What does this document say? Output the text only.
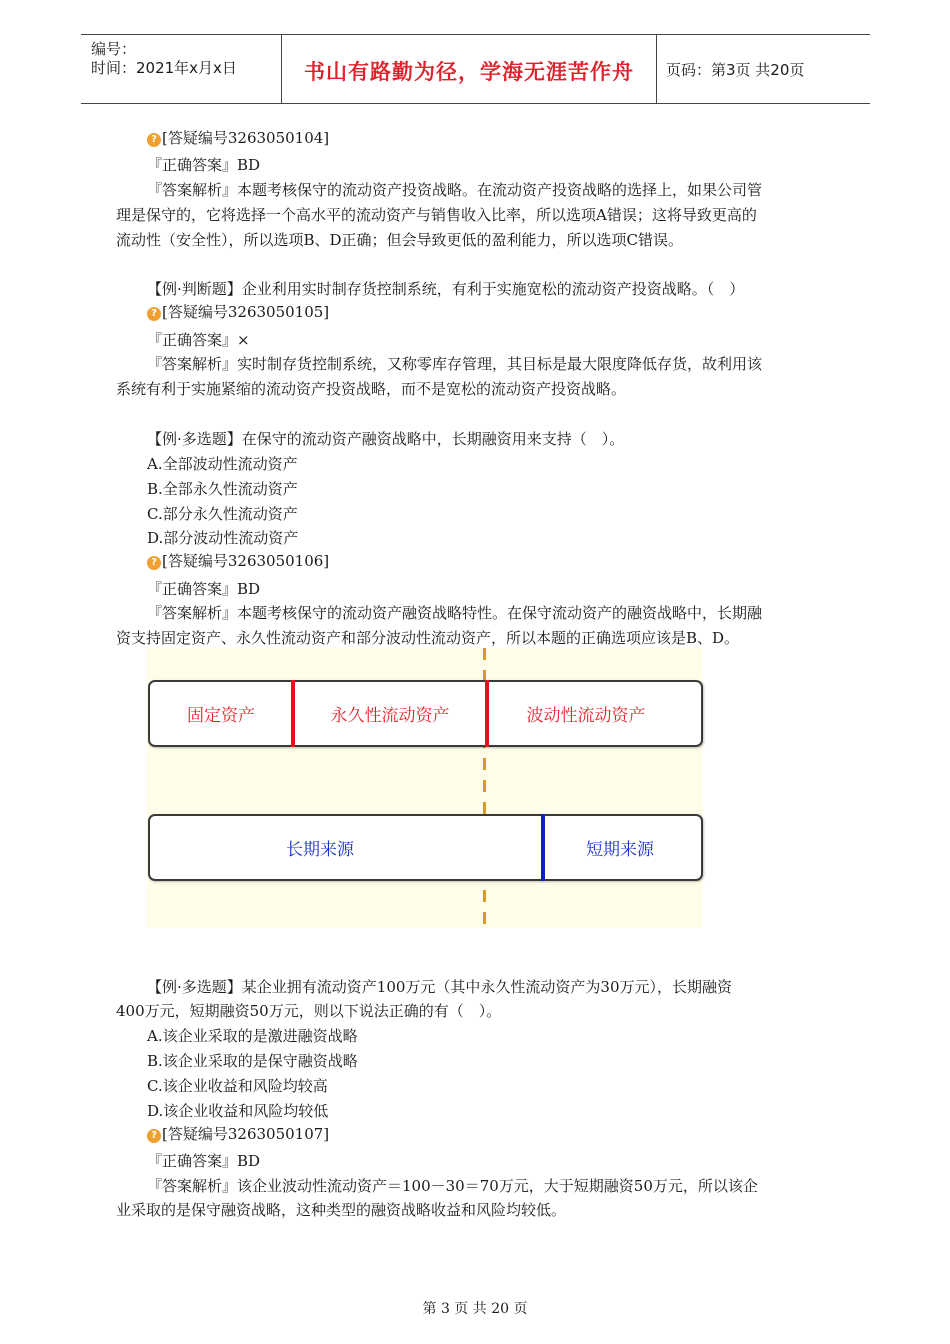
编号：
时间：2021年x月x日	书山有路勤为径，学海无涯苦作舟	页码：第3页 共20页
? [答疑编号3263050104]
『正确答案』BD
『答案解析』本题考核保守的流动资产投资战略。在流动资产投资战略的选择上，如果公司管
理是保守的，它将选择一个高水平的流动资产与销售收入比率，所以选项A错误；这将导致更高的
流动性（安全性），所以选项B、D正确；但会导致更低的盈利能力，所以选项C错误。
【例·判断题】企业利用实时制存货控制系统，有利于实施宽松的流动资产投资战略。（　）
? [答疑编号3263050105]
『正确答案』×
『答案解析』实时制存货控制系统，又称零库存管理，其目标是最大限度降低存货，故利用该
系统有利于实施紧缩的流动资产投资战略，而不是宽松的流动资产投资战略。
【例·多选题】在保守的流动资产融资战略中，长期融资用来支持（　）。
A.全部波动性流动资产
B.全部永久性流动资产
C.部分永久性流动资产
D.部分波动性流动资产
? [答疑编号3263050106]
『正确答案』BD
『答案解析』本题考核保守的流动资产融资战略特性。在保守流动资产的融资战略中，长期融
资支持固定资产、永久性流动资产和部分波动性流动资产，所以本题的正确选项应该是B、D。
固定资产	永久性流动资产	波动性流动资产
长期来源	短期来源
【例·多选题】某企业拥有流动资产100万元（其中永久性流动资产为30万元），长期融资
400万元，短期融资50万元，则以下说法正确的有（　）。
A.该企业采取的是激进融资战略
B.该企业采取的是保守融资战略
C.该企业收益和风险均较高
D.该企业收益和风险均较低
? [答疑编号3263050107]
『正确答案』BD
『答案解析』该企业波动性流动资产＝100－30＝70万元，大于短期融资50万元，所以该企
业采取的是保守融资战略，这种类型的融资战略收益和风险均较低。
第 3 页 共 20 页
